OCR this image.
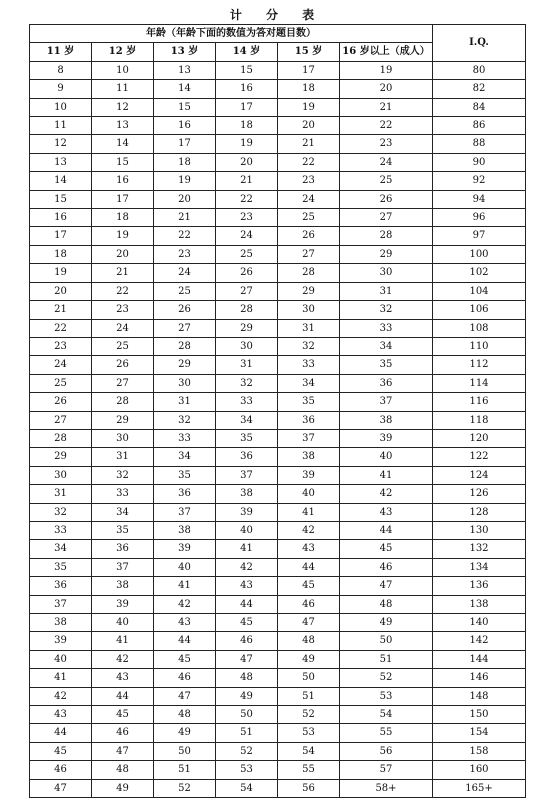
计 分 表
年龄（年龄下面的数值为答对题目数）						I.Q.
11 岁	12 岁	13 岁	14 岁	15 岁	16 岁以上（成人）	
8	10	13	15	17	19	80
9	11	14	16	18	20	82
10	12	15	17	19	21	84
11	13	16	18	20	22	86
12	14	17	19	21	23	88
13	15	18	20	22	24	90
14	16	19	21	23	25	92
15	17	20	22	24	26	94
16	18	21	23	25	27	96
17	19	22	24	26	28	97
18	20	23	25	27	29	100
19	21	24	26	28	30	102
20	22	25	27	29	31	104
21	23	26	28	30	32	106
22	24	27	29	31	33	108
23	25	28	30	32	34	110
24	26	29	31	33	35	112
25	27	30	32	34	36	114
26	28	31	33	35	37	116
27	29	32	34	36	38	118
28	30	33	35	37	39	120
29	31	34	36	38	40	122
30	32	35	37	39	41	124
31	33	36	38	40	42	126
32	34	37	39	41	43	128
33	35	38	40	42	44	130
34	36	39	41	43	45	132
35	37	40	42	44	46	134
36	38	41	43	45	47	136
37	39	42	44	46	48	138
38	40	43	45	47	49	140
39	41	44	46	48	50	142
40	42	45	47	49	51	144
41	43	46	48	50	52	146
42	44	47	49	51	53	148
43	45	48	50	52	54	150
44	46	49	51	53	55	154
45	47	50	52	54	56	158
46	48	51	53	55	57	160
47	49	52	54	56	58+	165+
